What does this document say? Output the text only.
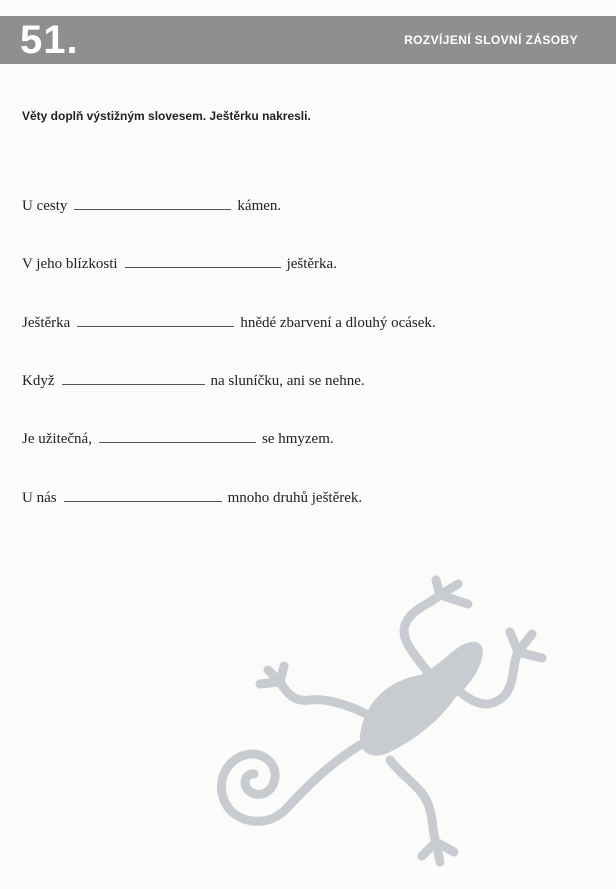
51.	ROZVÍJENÍ SLOVNÍ ZÁSOBY
Věty doplň výstižným slovesem. Ještěrku nakresli.
U cesty	kámen.
V jeho blízkosti	ještěrka.
Ještěrka	hnědé zbarvení a dlouhý ocásek.
Když	na sluníčku, ani se nehne.
Je užitečná,	se hmyzem.
U nás	mnoho druhů ještěrek.
